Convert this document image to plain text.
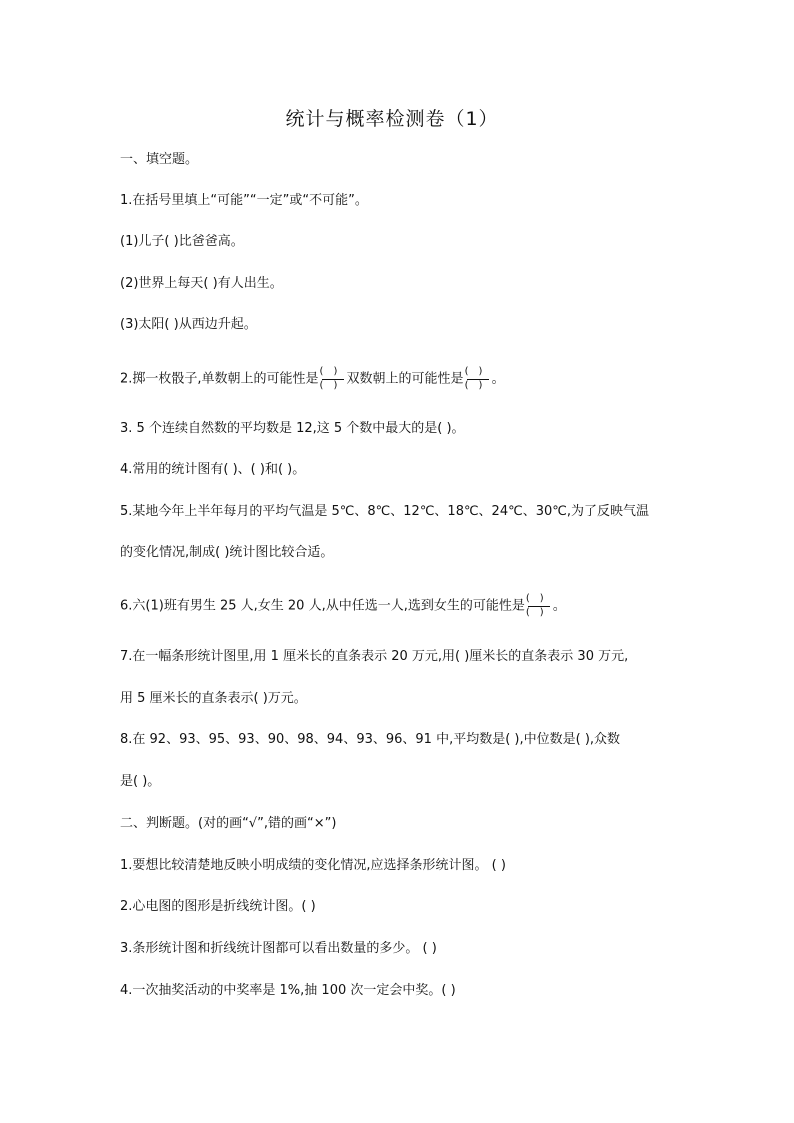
统计与概率检测卷（1）
一、填空题。
1.在括号里填上“可能”“一定”或“不可能”。
(1)儿子( )比爸爸高。
(2)世界上每天( )有人出生。
(3)太阳( )从西边升起。
2.掷一枚骰子,单数朝上的可能性是 $\frac{()}{()}$ 双数朝上的可能性是 $\frac{()}{()}$ 。
3. 5 个连续自然数的平均数是 12,这 5 个数中最大的是( )。
4.常用的统计图有( )、( )和( )。
5.某地今年上半年每月的平均气温是 5℃、8℃、12℃、18℃、24℃、30℃,为了反映气温
的变化情况,制成( )统计图比较合适。
6.六(1)班有男生 25 人,女生 20 人,从中任选一人,选到女生的可能性是 $\frac{()}{()}$ 。
7.在一幅条形统计图里,用 1 厘米长的直条表示 20 万元,用( )厘米长的直条表示 30 万元,
用 5 厘米长的直条表示( )万元。
8.在 92、93、95、93、90、98、94、93、96、91 中,平均数是( ),中位数是( ),众数
是( )。
二、判断题。(对的画“√”,错的画“×”)
1.要想比较清楚地反映小明成绩的变化情况,应选择条形统计图。 ( )
2.心电图的图形是折线统计图。( )
3.条形统计图和折线统计图都可以看出数量的多少。 ( )
4.一次抽奖活动的中奖率是 1%,抽 100 次一定会中奖。( )
